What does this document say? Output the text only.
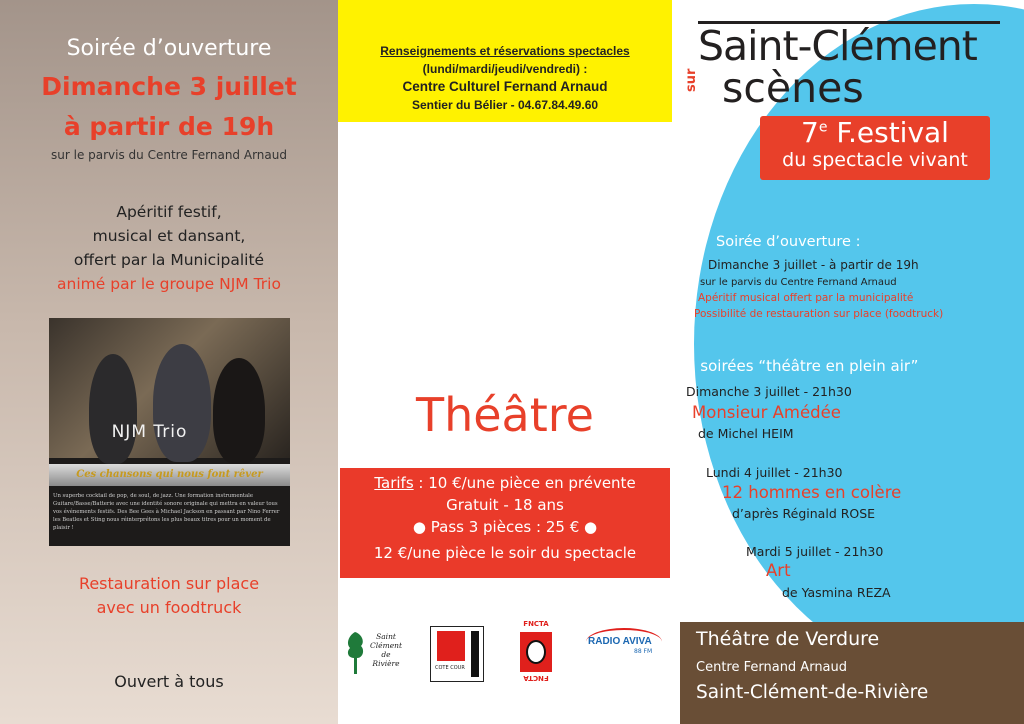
Soirée d’ouverture
Dimanche 3 juillet
à partir de 19h
sur le parvis du Centre Fernand Arnaud
Apéritif festif,
musical et dansant,
offert par la Municipalité
animé par le groupe NJM Trio
NJM Trio
Ces chansons qui nous font rêver
Un superbe cocktail de pop, de soul, de jazz. Une formation instrumentale Guitare/Basse/Batterie avec une identité sonore originale qui mettra en valeur tous vos événements festifs. Des Bee Gees à Michael Jackson en passant par Nino Ferrer les Beatles et Sting nous réinterprétons les plus beaux titres pour un moment de plaisir !
Restauration sur place
avec un foodtruck
Ouvert à tous
Renseignements et réservations spectacles
(lundi/mardi/jeudi/vendredi) :
Centre Culturel Fernand Arnaud
Sentier du Bélier - 04.67.84.49.60
Théâtre
Tarifs : 10 €/une pièce en prévente
Gratuit - 18 ans
● Pass 3 pièces : 25 € ●
12 €/une pièce le soir du spectacle
Saint
Clément
de
Rivière	COTE COUR
FNCTA
FNCTA
RADIO AVIVA
88 FM
Saint-Clément
sur scènes
7e F.estival
du spectacle vivant
Soirée d’ouverture :
Dimanche 3 juillet - à partir de 19h
sur le parvis du Centre Fernand Arnaud
Apéritif musical offert par la municipalité
Possibilité de restauration sur place (foodtruck)
3 soirées “théâtre en plein air”
Dimanche 3 juillet - 21h30
Monsieur Amédée
de Michel HEIM
Lundi 4 juillet - 21h30
12 hommes en colère
d’après Réginald ROSE
Mardi 5 juillet - 21h30
Art
de Yasmina REZA
Théâtre de Verdure
Centre Fernand Arnaud
Saint-Clément-de-Rivière
